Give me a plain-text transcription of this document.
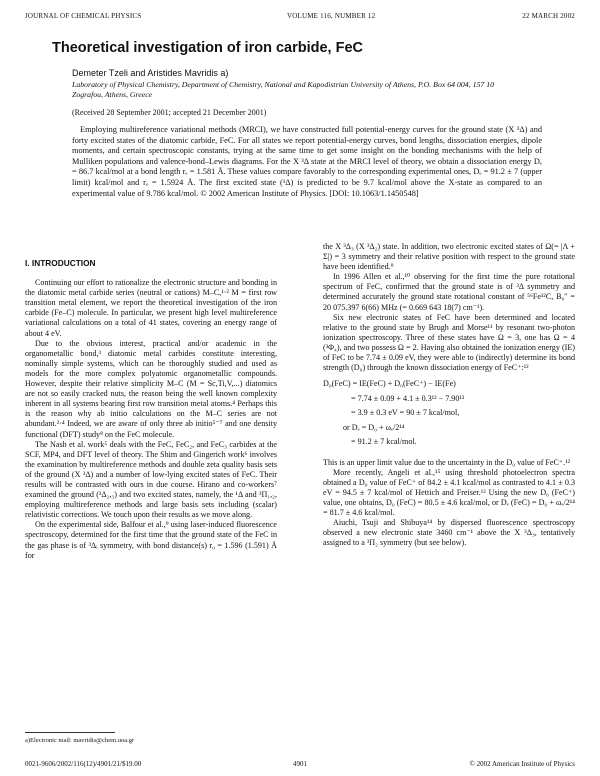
JOURNAL OF CHEMICAL PHYSICS	VOLUME 116, NUMBER 12	22 MARCH 2002
Theoretical investigation of iron carbide, FeC
Demeter Tzeli and Aristides Mavridis a)
Laboratory of Physical Chemistry, Department of Chemistry, National and Kapodistrian University of Athens, P.O. Box 64 004, 157 10 Zografou, Athens, Greece
(Received 28 September 2001; accepted 21 December 2001)
Employing multireference variational methods (MRCI), we have constructed full potential-energy curves for the ground state (X ³Δ) and forty excited states of the diatomic carbide, FeC. For all states we report potential-energy curves, bond lengths, dissociation energies, dipole moments, and certain spectroscopic constants, trying at the same time to get some insight on the bonding mechanisms with the help of Mulliken populations and valence-bond–Lewis diagrams. For the X ³Δ state at the MRCI level of theory, we obtain a dissociation energy Dₑ = 86.7 kcal/mol at a bond length rₑ = 1.581 Å. These values compare favorably to the corresponding experimental ones, Dₑ = 91.2 ± 7 (upper limit) kcal/mol and rₑ = 1.5924 Å. The first excited state (¹Δ) is predicted to be 9.7 kcal/mol above the X-state as compared to an experimental value of 9.786 kcal/mol. © 2002 American Institute of Physics. [DOI: 10.1063/1.1450548]
I. INTRODUCTION

Continuing our effort to rationalize the electronic structure and bonding in the diatomic metal carbide series (neutral or cations) M–C,¹·² M = first row transition metal element, we report the theoretical investigation of the iron carbide (Fe–C) molecule. In particular, we present high level multireference variational calculations on a total of 41 states, covering an energy range of about 4 eV.

Due to the obvious interest, practical and/or academic in the organometallic bond,³ diatomic metal carbides constitute interesting, nominally simple systems, which can be thoroughly studied and used as models for the more complex polyatomic organometallic compounds. However, despite their relative simplicity M–C (M = Sc,Ti,V,...) diatomics are not so easily cracked nuts, the reason being the well known complexity inherent in all systems bearing first row transition metal atoms.⁴ Perhaps this is the reason why ab initio calculations on the M–C series are not abundant.²·⁴ Indeed, we are aware of only three ab initio⁵⁻⁷ and one density functional (DFT) study⁸ on the FeC molecule.

The Nash et al. work⁵ deals with the FeC, FeC₂, and FeC₃ carbides at the SCF, MP4, and DFT level of theory. The Shim and Gingerich work⁶ involves the examination by multireference methods and double zeta quality basis sets of the ground (X ³Δ) and a number of low-lying excited states of FeC. Their results will be contrasted with ours in due course. Hirano and co-workers⁷ examined the ground (³Δ₂,₃) and two excited states, namely, the ¹Δ and ³Π₁,₂, employing multireference methods and large basis sets including (scalar) relativistic corrections. We touch upon their results as we move along.

On the experimental side, Balfour et al.,⁹ using laser-induced fluorescence spectroscopy, determined for the first time that the ground state of the FeC in the gas phase is of ³Δᵢ symmetry, with bond distance(s) r₀ = 1.596 (1.591) Å for

the X ³Δ₃ (X ³Δ₂) state. In addition, two electronic excited states of Ω(= |Λ + Σ|) = 3 symmetry and their relative position with respect to the ground state have been identified.⁹

In 1996 Allen et al.,¹⁰ observing for the first time the pure rotational spectrum of FeC, confirmed that the ground state is of ³Δ symmetry and determined accurately the ground state rotational constant of ⁵⁶Fe¹²C, B₀″ = 20 075.397 6(66) MHz (= 0.669 643 18(7) cm⁻¹).

Six new electronic states of FeC have been determined and located relative to the ground state by Brugh and Morse¹¹ by resonant two-photon ionization spectroscopy. Three of these states have Ω = 3, one has Ω = 4 (³Φ₄), and two possess Ω = 2. Having also obtained the ionization energy (IE) of FeC to be 7.74 ± 0.09 eV, they were able to (indirectly) determine its bond strength (D₀) through the known dissociation energy of FeC⁺:¹²

D₀(FeC) = IE(FeC) + D₀(FeC⁺) − IE(Fe)
= 7.74 ± 0.09 + 4.1 ± 0.3¹² − 7.90¹³
= 3.9 ± 0.3 eV = 90 ± 7 kcal/mol,
or Dₑ = D₀ + ωₑ/2¹⁴
= 91.2 ± 7 kcal/mol.

This is an upper limit value due to the uncertainty in the D₀ value of FeC⁺.¹²

More recently, Angeli et al.,¹⁵ using threshold photoelectron spectra obtained a D₀ value of FeC⁺ of 84.2 ± 4.1 kcal/mol as contrasted to 4.1 ± 0.3 eV = 94.5 ± 7 kcal/mol of Hettich and Freiser.¹² Using the new D₀ (FeC⁺) value, one obtains, D₀ (FeC) = 80.5 ± 4.6 kcal/mol, or Dₑ (FeC) = D₀ + ωₑ/2¹⁴ = 81.7 ± 4.6 kcal/mol.

Aiuchi, Tsuji and Shibuya¹⁴ by dispersed fluorescence spectroscopy observed a new electronic state 3460 cm⁻¹ above the X ³Δ₃, tentatively assigned to a ³Π₂ symmetry (but see below).

a)Electronic mail: mavridis@chem.uoa.gr
0021-9606/2002/116(12)/4901/21/$19.00	4901	© 2002 American Institute of Physics
